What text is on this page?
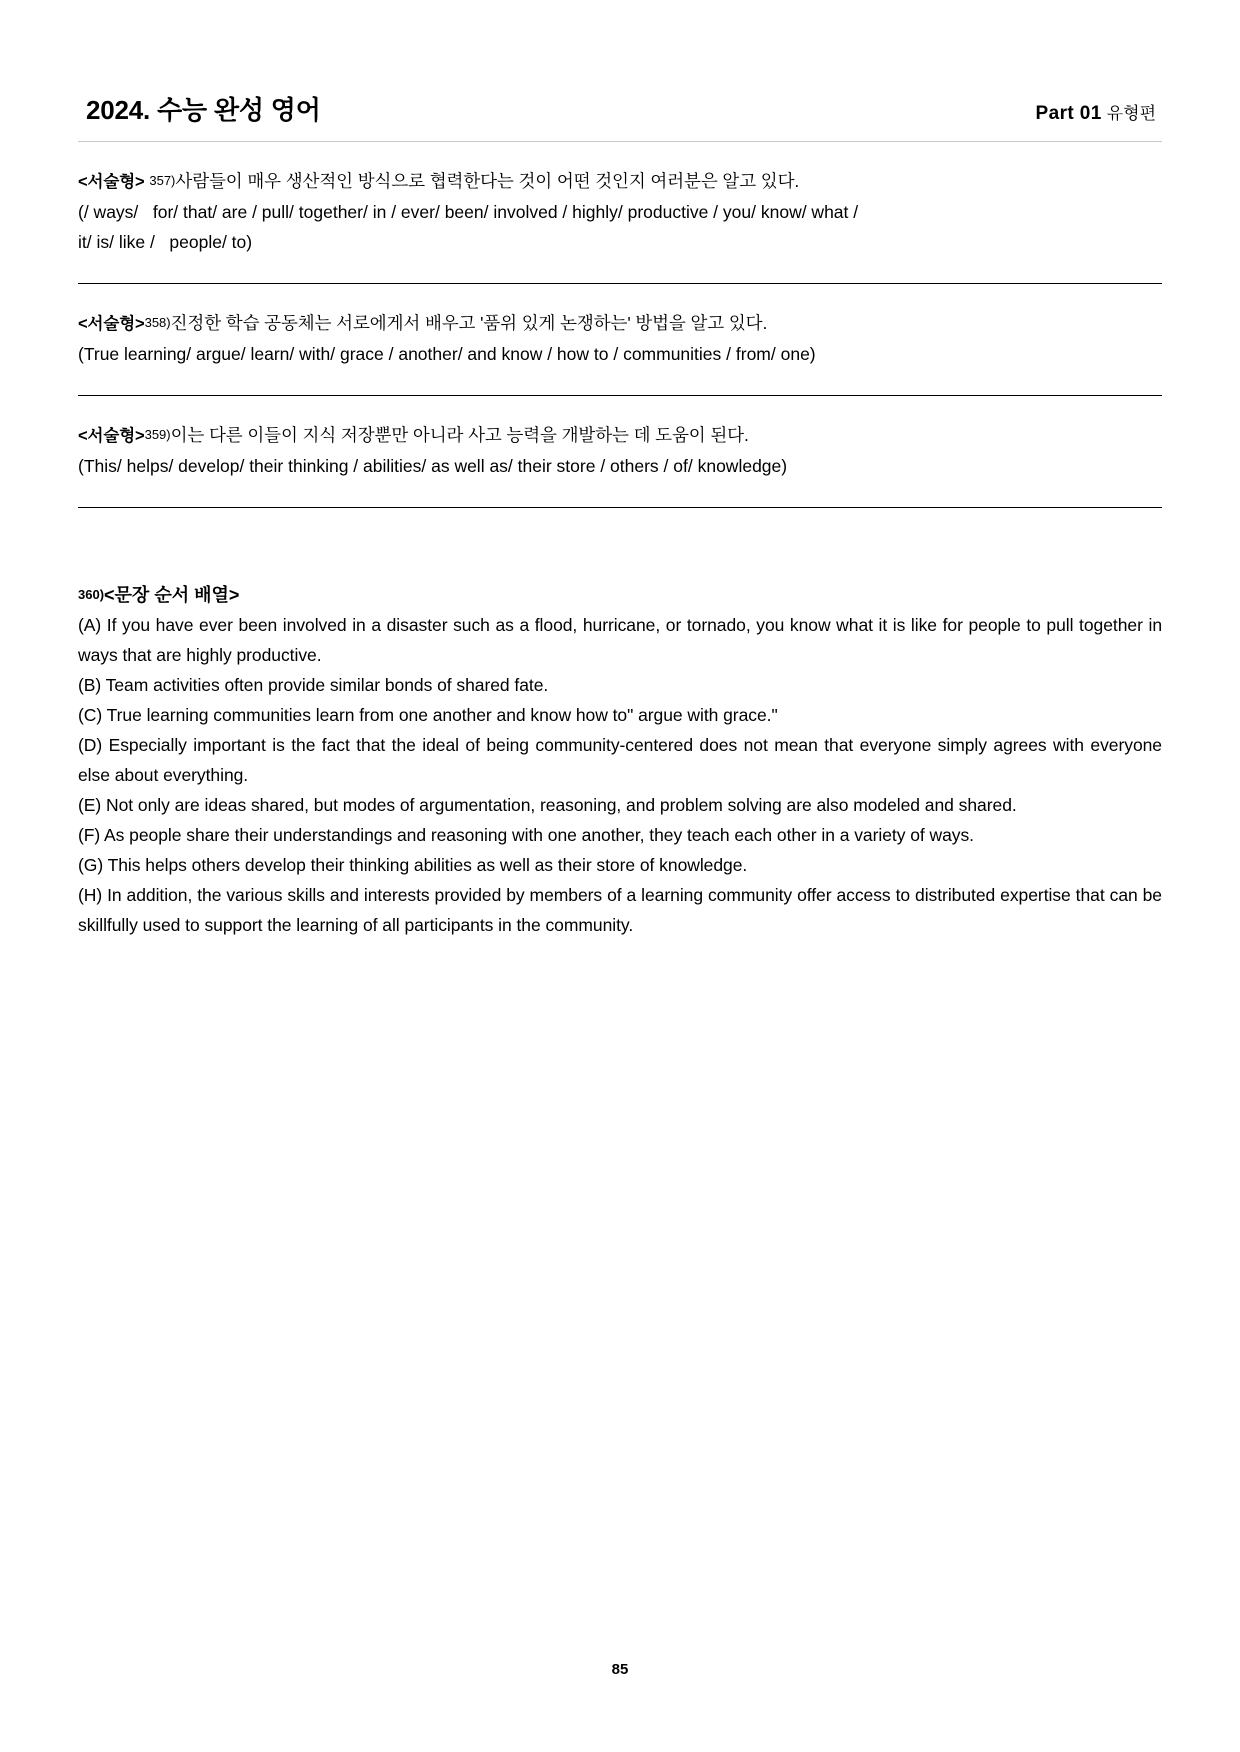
2024. 수능 완성 영어	Part 01 유형편
<서술형> 357)사람들이 매우 생산적인 방식으로 협력한다는 것이 어떤 것인지 여러분은 알고 있다.
(/ ways/   for/ that/ are / pull/ together/ in / ever/ been/ involved / highly/ productive / you/ know/ what /
it/ is/ like /   people/ to)
<서술형>358)진정한 학습 공동체는 서로에게서 배우고 '품위 있게 논쟁하는' 방법을 알고 있다.
(True learning/ argue/ learn/ with/ grace / another/ and know / how to / communities / from/ one)
<서술형>359)이는 다른 이들이 지식 저장뿐만 아니라 사고 능력을 개발하는 데 도움이 된다.
(This/ helps/ develop/ their thinking / abilities/ as well as/ their store / others / of/ knowledge)
360)<문장 순서 배열>
(A) If you have ever been involved in a disaster such as a flood, hurricane, or tornado, you know what it is like for people to pull together in ways that are highly productive.
(B) Team activities often provide similar bonds of shared fate.
(C) True learning communities learn from one another and know how to" argue with grace."
(D) Especially important is the fact that the ideal of being community-centered does not mean that everyone simply agrees with everyone else about everything.
(E) Not only are ideas shared, but modes of argumentation, reasoning, and problem solving are also modeled and shared.
(F) As people share their understandings and reasoning with one another, they teach each other in a variety of ways.
(G) This helps others develop their thinking abilities as well as their store of knowledge.
(H) In addition, the various skills and interests provided by members of a learning community offer access to distributed expertise that can be skillfully used to support the learning of all participants in the community.
85
